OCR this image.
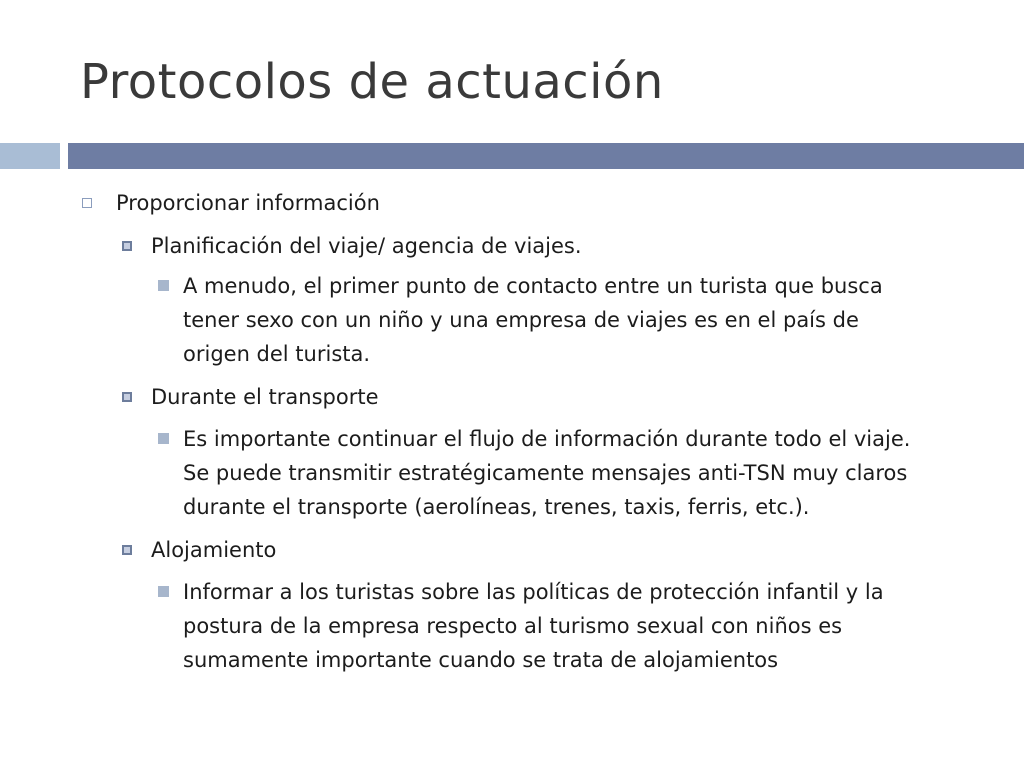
Protocolos de actuación
Proporcionar información
Planificación del viaje/ agencia de viajes.
A menudo, el primer punto de contacto entre un turista que busca
tener sexo con un niño y una empresa de viajes es en el país de
origen del turista.
Durante el transporte
Es importante continuar el flujo de información durante todo el viaje.
Se puede transmitir estratégicamente mensajes anti-TSN muy claros
durante el transporte (aerolíneas, trenes, taxis, ferris, etc.).
Alojamiento
Informar a los turistas sobre las políticas de protección infantil y la
postura de la empresa respecto al turismo sexual con niños es
sumamente importante cuando se trata de alojamientos
